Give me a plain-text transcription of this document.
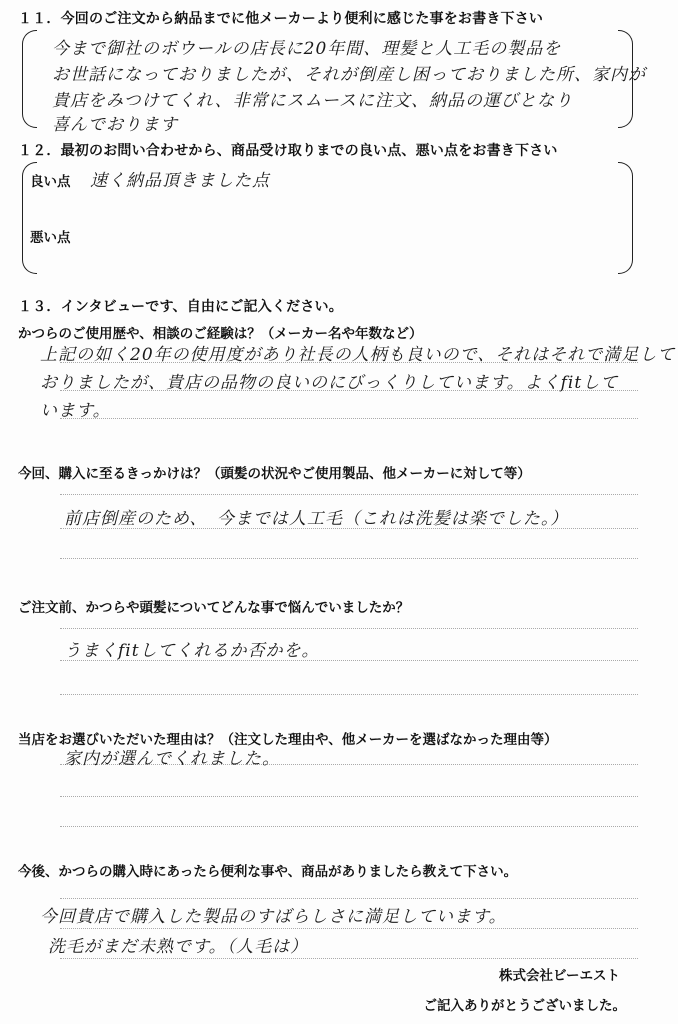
１１．今回のご注文から納品までに他メーカーより便利に感じた事をお書き下さい
今まで御社のボウールの店長に20年間、理髪と人工毛の製品を
お世話になっておりましたが、それが倒産し困っておりました所、家内が
貴店をみつけてくれ、非常にスムースに注文、納品の運びとなり
喜んでおります
１２．最初のお問い合わせから、商品受け取りまでの良い点、悪い点をお書き下さい
良い点 速く納品頂きました点
悪い点
１３．インタビューです、自由にご記入ください。
かつらのご使用歴や、相談のご経験は？（メーカー名や年数など）
上記の如く20年の使用度があり社長の人柄も良いので、それはそれで満足して
おりましたが、貴店の品物の良いのにびっくりしています。よくfitして
います。
今回、購入に至るきっかけは？（頭髪の状況やご使用製品、他メーカーに対して等）
前店倒産のため、　今までは人工毛（これは洗髪は楽でした。）
ご注文前、かつらや頭髪についてどんな事で悩んでいましたか？
うまくfitしてくれるか否かを。
当店をお選びいただいた理由は？（注文した理由や、他メーカーを選ばなかった理由等）
家内が選んでくれました。
今後、かつらの購入時にあったら便利な事や、商品がありましたら教えて下さい。
今回貴店で購入した製品のすばらしさに満足しています。
洗毛がまだ未熟です。（人毛は）
株式会社ビーエスト
ご記入ありがとうございました。
